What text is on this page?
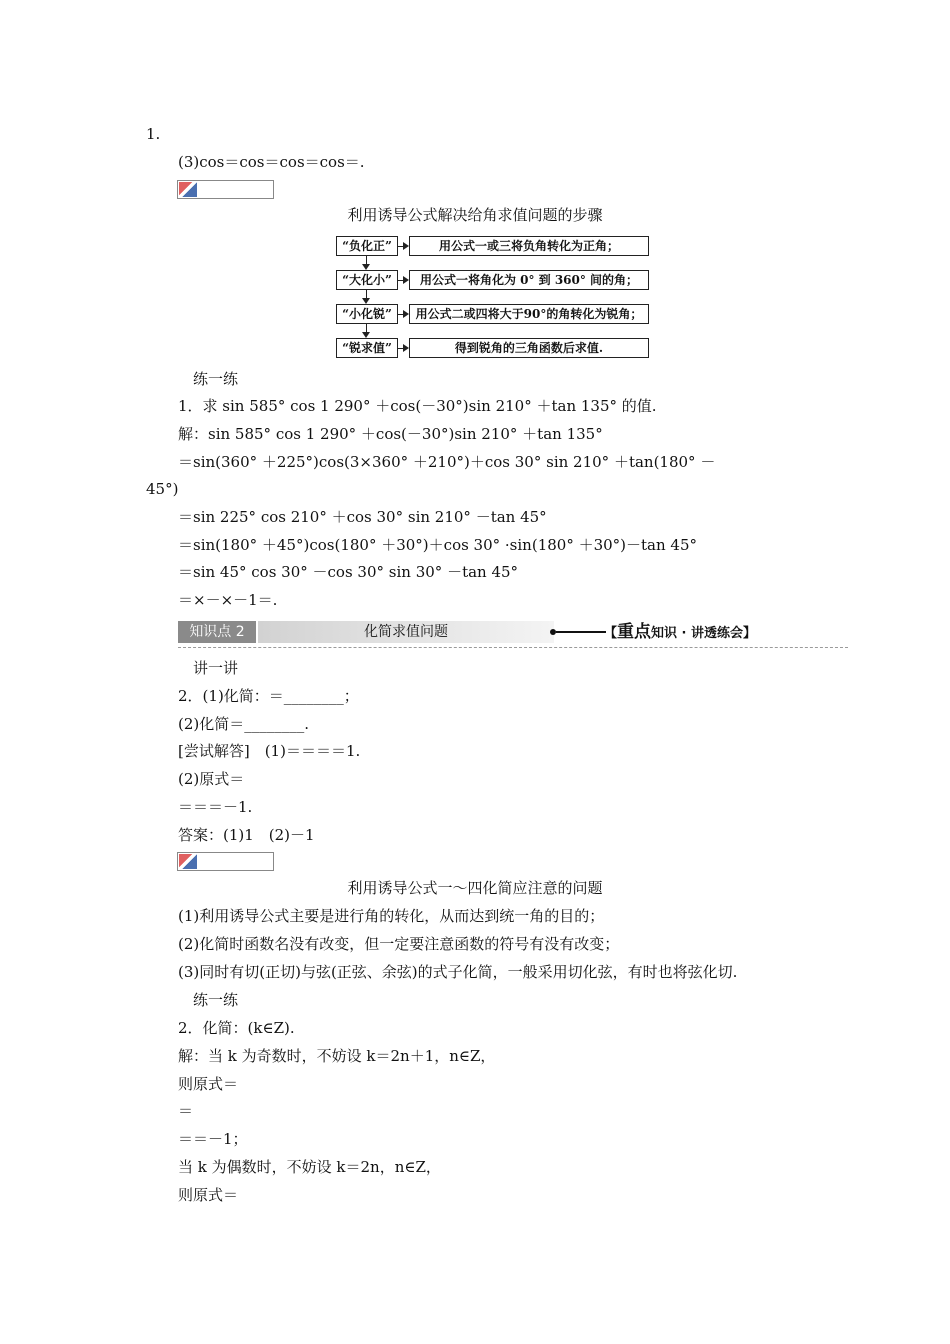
1.
(3)cos＝cos＝cos＝cos＝.
利用诱导公式解决给角求值问题的步骤
“负化正”	用公式一或三将负角转化为正角；
“大化小”	用公式一将角化为 0° 到 360° 间的角；
“小化锐”	用公式二或四将大于90°的角转化为锐角；
“锐求值”	得到锐角的三角函数后求值.
练一练
1．求 sin 585° cos 1 290° ＋cos(－30°)sin 210° ＋tan 135° 的值.
解：sin 585° cos 1 290° ＋cos(－30°)sin 210° ＋tan 135°
＝sin(360° ＋225°)cos(3×360° ＋210°)＋cos 30° sin 210° ＋tan(180° －
45°)
＝sin 225° cos 210° ＋cos 30° sin 210° －tan 45°
＝sin(180° ＋45°)cos(180° ＋30°)＋cos 30° ·sin(180° ＋30°)－tan 45°
＝sin 45° cos 30° －cos 30° sin 30° －tan 45°
＝×－×－1＝.
知识点 2	化简求值问题	【重点知识 · 讲透练会】
讲一讲
2．(1)化简：＝________；
(2)化简＝________.
[尝试解答]　(1)＝＝＝＝1.
(2)原式＝
＝＝＝－1.
答案：(1)1　(2)－1
利用诱导公式一～四化简应注意的问题
(1)利用诱导公式主要是进行角的转化，从而达到统一角的目的；
(2)化简时函数名没有改变，但一定要注意函数的符号有没有改变；
(3)同时有切(正切)与弦(正弦、余弦)的式子化简，一般采用切化弦，有时也将弦化切.
练一练
2．化简：(k∈Z).
解：当 k 为奇数时，不妨设 k＝2n＋1，n∈Z，
则原式＝
＝
＝＝－1；
当 k 为偶数时，不妨设 k＝2n，n∈Z，
则原式＝
